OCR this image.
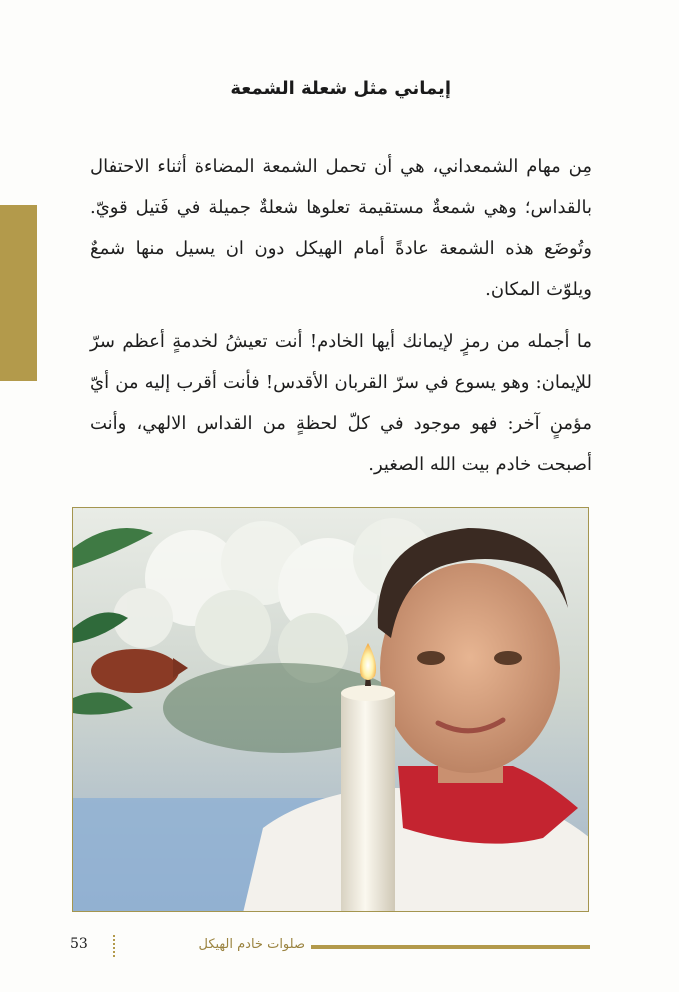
إيماني مثل شعلة الشمعة

مِن مهام الشمعداني، هي أن تحمل الشمعة المضاءة أثناء الاحتفال بالقداس؛ وهي شمعةٌ مستقيمة تعلوها شعلةٌ جميلة في فَتيل قويّ. وتُوضَع هذه الشمعة عادةً أمام الهيكل دون ان يسيل منها شمعٌ ويلوّث المكان.

ما أجمله من رمزٍ لإيمانك أيها الخادم! أنت تعيشُ لخدمةٍ أعظم سرّ للإيمان: وهو يسوع في سرّ القربان الأقدس! فأنت أقرب إليه من أيّ مؤمنٍ آخر: فهو موجود في كلّ لحظةٍ من القداس الالهي، وأنت أصبحت خادم بيت الله الصغير.

صلوات خادم الهيكل
53
